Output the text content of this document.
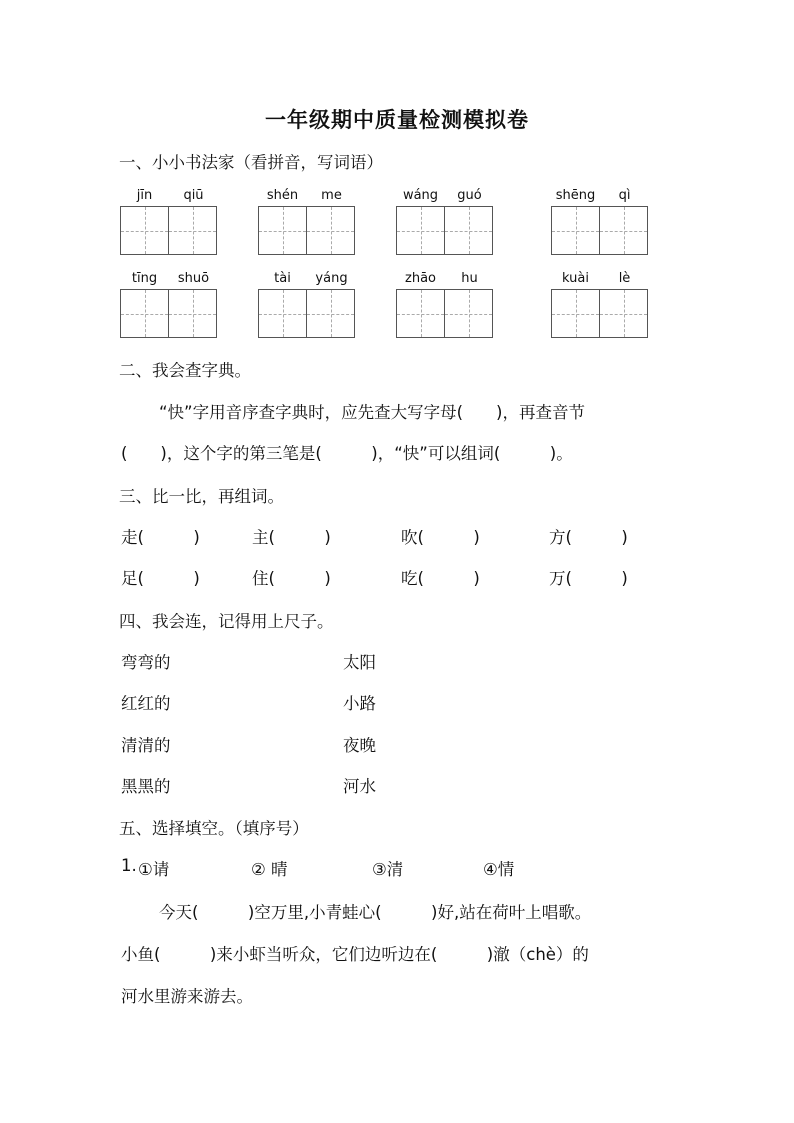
一年级期中质量检测模拟卷
一、小小书法家（看拼音，写词语）
jīn	qiū	shén	me	wáng	guó	shēng	qì
tīng	shuō	tài	yáng	zhāo	hu	kuài	lè
二、我会查字典。
“快”字用音序查字典时，应先查大写字母(　　)，再查音节
(　　)，这个字的第三笔是(　　　)，“快”可以组词(　　　)。
三、比一比，再组词。
走(　　　)	主(　　　)	吹(　　　)	方(　　　)
足(　　　)	住(　　　)	吃(　　　)	万(　　　)
四、我会连，记得用上尺子。
弯弯的	太阳
红红的	小路
清清的	夜晚
黑黑的	河水
五、选择填空。（填序号）
1. ①请	② 晴	③清	④情
今天(　　　)空万里,小青蛙心(　　　)好,站在荷叶上唱歌。
小鱼(　　　)来小虾当听众，它们边听边在(　　　)澈（chè）的
河水里游来游去。
